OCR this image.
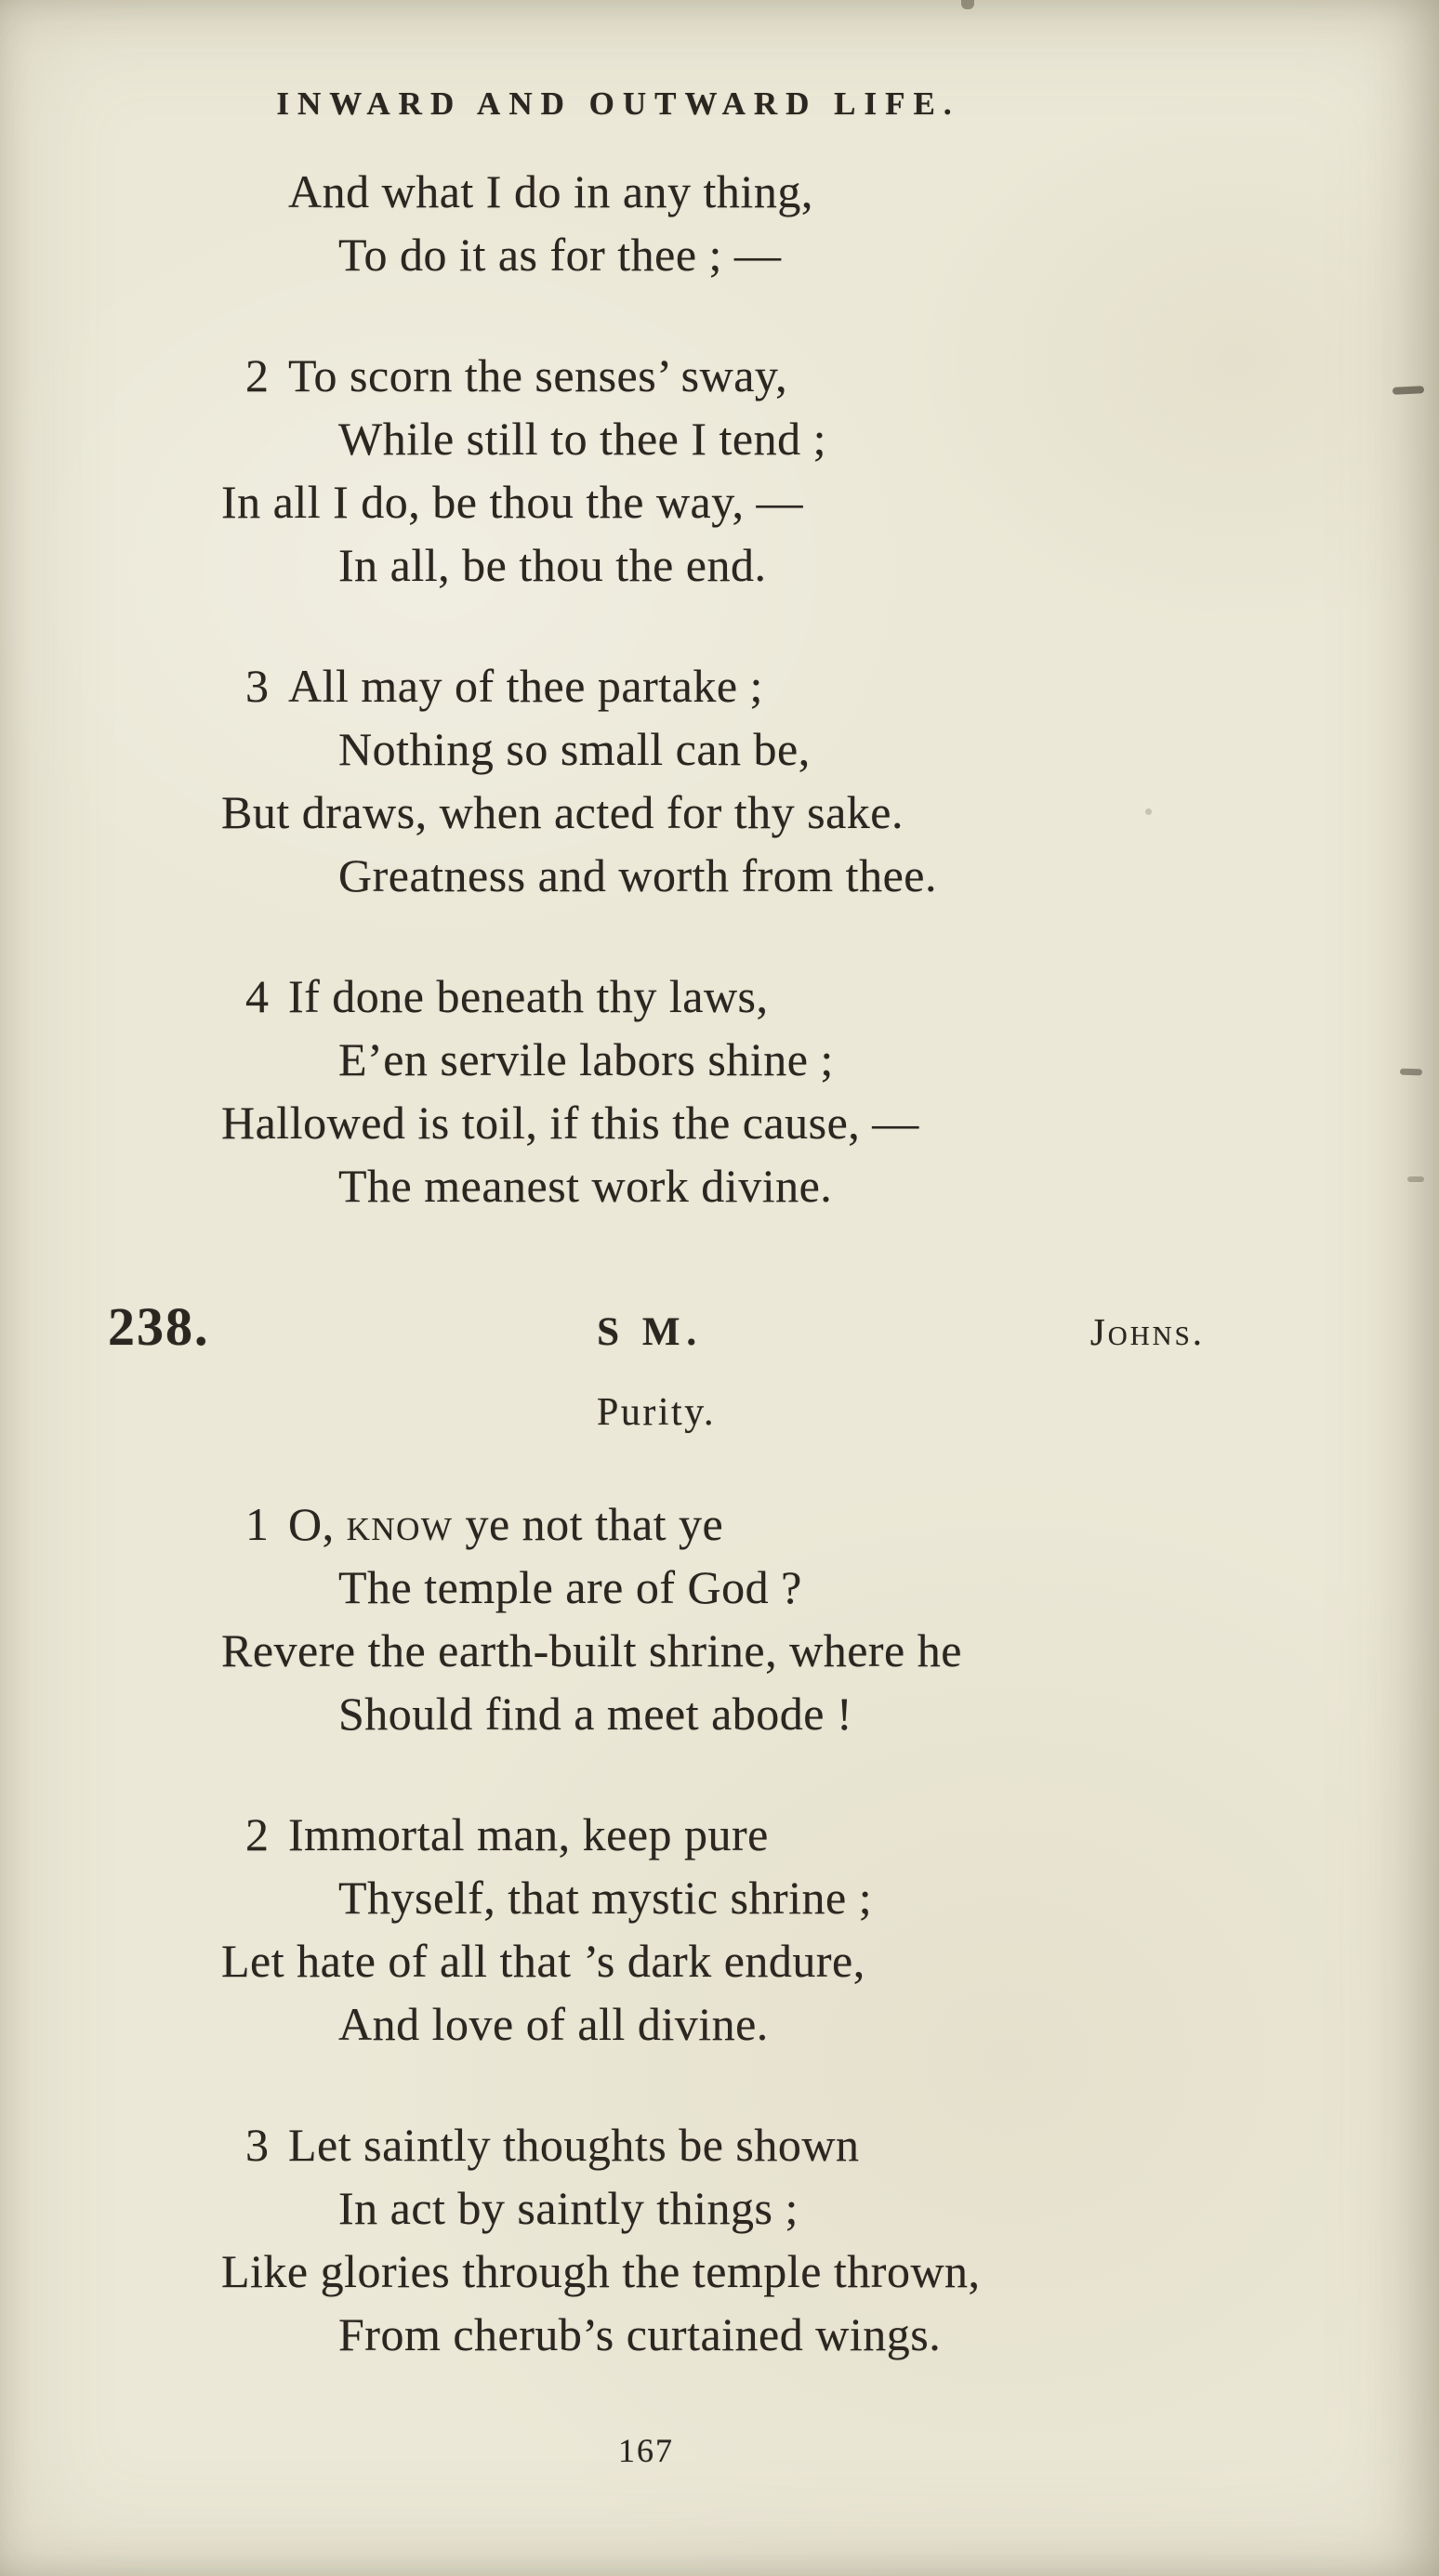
INWARD AND OUTWARD LIFE.
And what I do in any thing,
To do it as for thee ; —
2 To scorn the senses’ sway,
While still to thee I tend ;
In all I do, be thou the way, —
In all, be thou the end.
3 All may of thee partake ;
Nothing so small can be,
But draws, when acted for thy sake.
Greatness and worth from thee.
4 If done beneath thy laws,
E’en servile labors shine ;
Hallowed is toil, if this the cause, —
The meanest work divine.
238.	S M.	Johns.
Purity.
1 O, know ye not that ye
The temple are of God ?
Revere the earth-built shrine, where he
Should find a meet abode !
2 Immortal man, keep pure
Thyself, that mystic shrine ;
Let hate of all that ’s dark endure,
And love of all divine.
3 Let saintly thoughts be shown
In act by saintly things ;
Like glories through the temple thrown,
From cherub’s curtained wings.
167
